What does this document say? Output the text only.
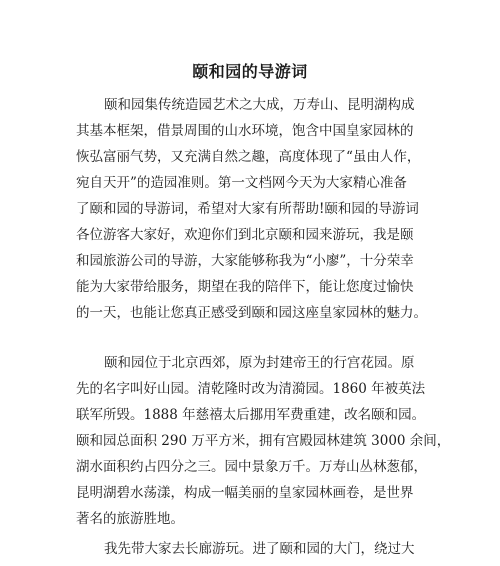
颐和园的导游词
颐和园集传统造园艺术之大成，万寿山、昆明湖构成
其基本框架，借景周围的山水环境，饱含中国皇家园林的
恢弘富丽气势，又充满自然之趣，高度体现了“虽由人作，
宛自天开”的造园准则。第一文档网今天为大家精心准备
了颐和园的导游词，希望对大家有所帮助!颐和园的导游词
各位游客大家好，欢迎你们到北京颐和园来游玩，我是颐
和园旅游公司的导游，大家能够称我为“小廖”，十分荣幸
能为大家带给服务，期望在我的陪伴下，能让您度过愉快
的一天，也能让您真正感受到颐和园这座皇家园林的魅力。
颐和园位于北京西郊，原为封建帝王的行宫花园。原
先的名字叫好山园。清乾隆时改为清漪园。1860 年被英法
联军所毁。1888 年慈禧太后挪用军费重建，改名颐和园。
颐和园总面积 290 万平方米，拥有宫殿园林建筑 3000 余间，
湖水面积约占四分之三。园中景象万千。万寿山丛林葱郁，
昆明湖碧水荡漾，构成一幅美丽的皇家园林画卷，是世界
著名的旅游胜地。
我先带大家去长廊游玩。进了颐和园的大门，绕过大
